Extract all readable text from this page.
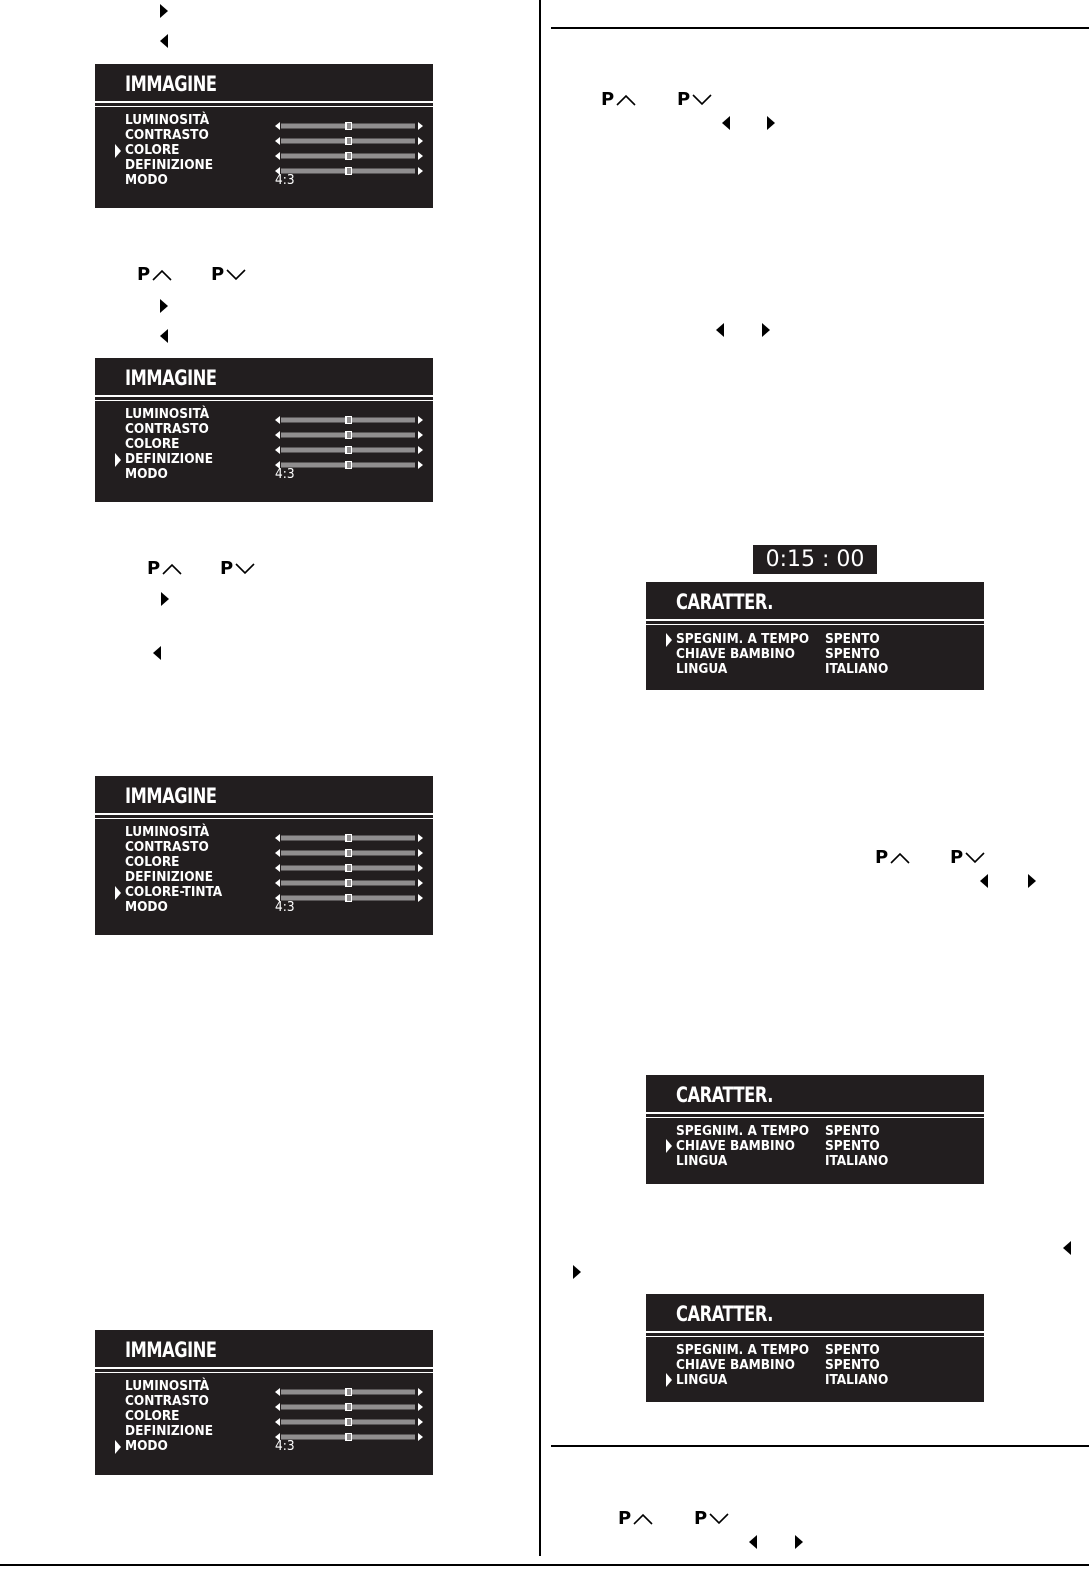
IMMAGINE
LUMINOSITÀ
CONTRASTO
COLORE
DEFINIZIONE
MODO	4:3
P	P
IMMAGINE
LUMINOSITÀ
CONTRASTO
COLORE
DEFINIZIONE
MODO	4:3
P	P
IMMAGINE
LUMINOSITÀ
CONTRASTO
COLORE
DEFINIZIONE
COLORE-TINTA
MODO	4:3
IMMAGINE
LUMINOSITÀ
CONTRASTO
COLORE
DEFINIZIONE
MODO	4:3
P	P
0:15 : 00
CARATTER.
SPEGNIM. A TEMPO SPENTO
CHIAVE BAMBINO SPENTO
LINGUA	ITALIANO
P	P
CARATTER.
SPEGNIM. A TEMPO SPENTO
CHIAVE BAMBINO SPENTO
LINGUA	ITALIANO
CARATTER.
SPEGNIM. A TEMPO SPENTO
CHIAVE BAMBINO SPENTO
LINGUA	ITALIANO
P	P
